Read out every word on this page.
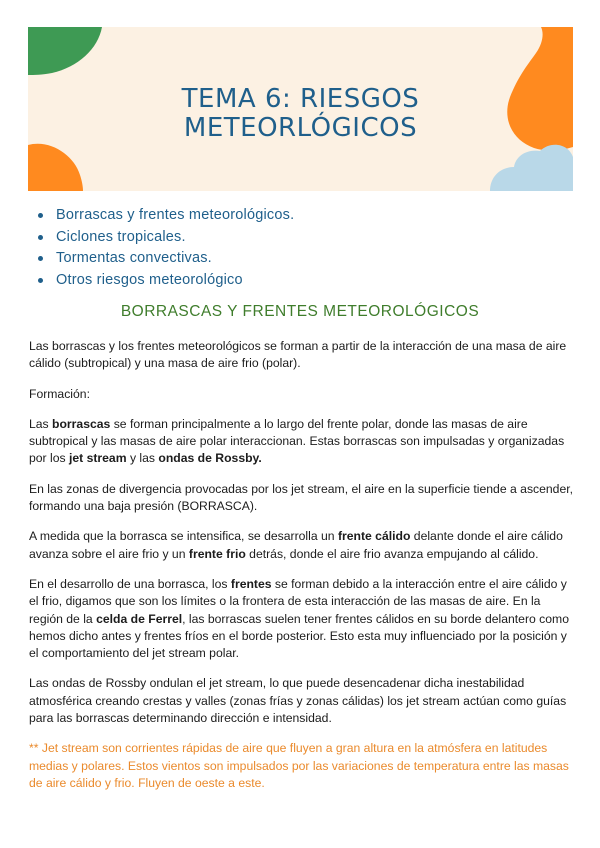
TEMA 6: RIESGOS
METEORLÓGICOS
Borrascas y frentes meteorológicos.
Ciclones tropicales.
Tormentas convectivas.
Otros riesgos meteorológico
BORRASCAS Y FRENTES METEOROLÓGICOS

Las borrascas y los frentes meteorológicos se forman a partir de la interacción de una masa de aire cálido (subtropical) y una masa de aire frio (polar).

Formación:

Las borrascas se forman principalmente a lo largo del frente polar, donde las masas de aire subtropical y las masas de aire polar interaccionan. Estas borrascas son impulsadas y organizadas por los jet stream y las ondas de Rossby.

En las zonas de divergencia provocadas por los jet stream, el aire en la superficie tiende a ascender, formando una baja presión (BORRASCA).

A medida que la borrasca se intensifica, se desarrolla un frente cálido delante donde el aire cálido avanza sobre el aire frio y un frente frio detrás, donde el aire frio avanza empujando al cálido.

En el desarrollo de una borrasca, los frentes se forman debido a la interacción entre el aire cálido y el frio, digamos que son los límites o la frontera de esta interacción de las masas de aire. En la región de la celda de Ferrel, las borrascas suelen tener frentes cálidos en su borde delantero como hemos dicho antes y frentes fríos en el borde posterior. Esto esta muy influenciado por la posición y el comportamiento del jet stream polar.

Las ondas de Rossby ondulan el jet stream, lo que puede desencadenar dicha inestabilidad atmosférica creando crestas y valles (zonas frías y zonas cálidas) los jet stream actúan como guías para las borrascas determinando dirección e intensidad.

** Jet stream son corrientes rápidas de aire que fluyen a gran altura en la atmósfera en latitudes medias y polares. Estos vientos son impulsados por las variaciones de temperatura entre las masas de aire cálido y frio. Fluyen de oeste a este.
